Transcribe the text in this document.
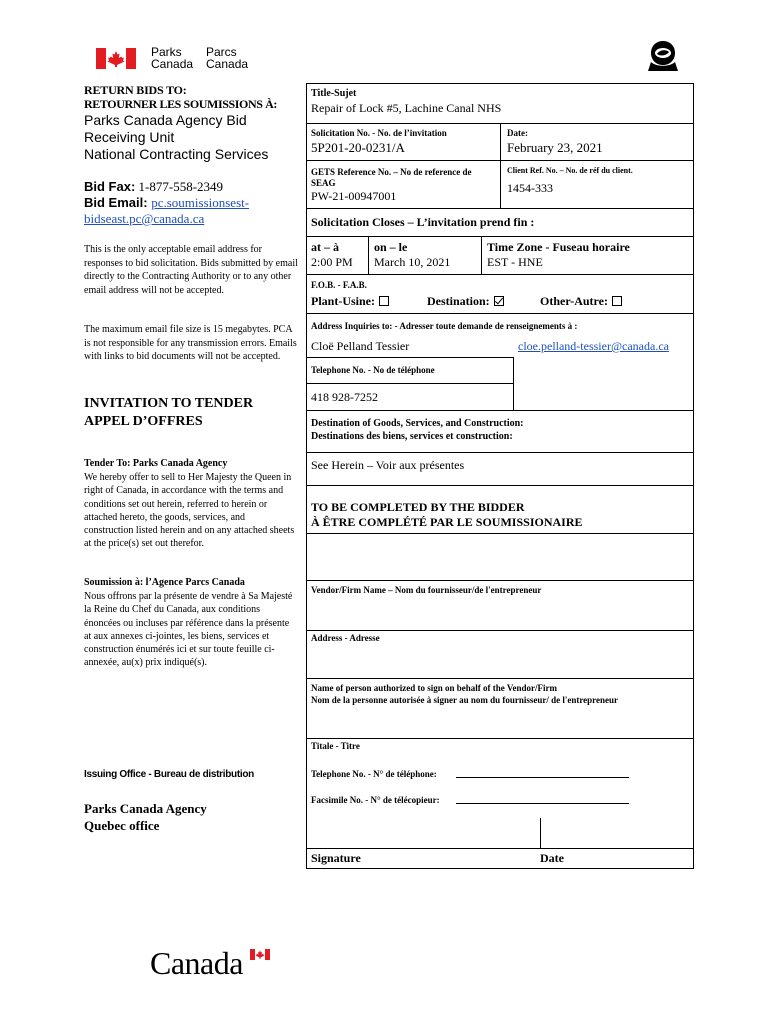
Parks
Canada
Parcs
Canada
RETURN BIDS TO:
RETOURNER LES SOUMISSIONS À:
Parks Canada Agency Bid
Receiving Unit
National Contracting Services
Bid Fax: 1-877-558-2349
Bid Email: pc.soumissionsest-
bidseast.pc@canada.ca
This is the only acceptable email address for responses to bid solicitation. Bids submitted by email directly to the Contracting Authority or to any other email address will not be accepted.
The maximum email file size is 15 megabytes. PCA is not responsible for any transmission errors. Emails with links to bid documents will not be accepted.
INVITATION TO TENDER
APPEL D’OFFRES
Tender To: Parks Canada Agency
We hereby offer to sell to Her Majesty the Queen in right of Canada, in accordance with the terms and conditions set out herein, referred to herein or attached hereto, the goods, services, and construction listed herein and on any attached sheets at the price(s) set out therefor.
Soumission à: l’Agence Parcs Canada
Nous offrons par la présente de vendre à Sa Majesté la Reine du Chef du Canada, aux conditions énoncées ou incluses par référence dans la présente at aux annexes ci-jointes, les biens, services et construction énumérés ici et sur toute feuille ci-annexée, au(x) prix indiqué(s).
Issuing Office - Bureau de distribution
Parks Canada Agency
Quebec office
Title-Sujet
Repair of Lock #5, Lachine Canal NHS
Solicitation No. - No. de l’invitation
5P201-20-0231/A
Date:
February 23, 2021
GETS Reference No. – No de reference de
SEAG
PW-21-00947001
Client Ref. No. – No. de réf du client.
1454-333
Solicitation Closes – L’invitation prend fin :
at – à
2:00 PM
on – le
March 10, 2021
Time Zone - Fuseau horaire
EST - HNE
F.O.B. - F.A.B.
Plant-Usine:	Destination:	Other-Autre:
Address Inquiries to: - Adresser toute demande de renseignements à :
Cloë Pelland Tessier	cloe.pelland-tessier@canada.ca
Telephone No. - No de téléphone
418 928-7252
Destination of Goods, Services, and Construction:
Destinations des biens, services et construction:
See Herein – Voir aux présentes
TO BE COMPLETED BY THE BIDDER
À ÊTRE COMPLÉTÉ PAR LE SOUMISSIONAIRE
Vendor/Firm Name – Nom du fournisseur/de l'entrepreneur
Address - Adresse
Name of person authorized to sign on behalf of the Vendor/Firm
Nom de la personne autorisée à signer au nom du fournisseur/ de l'entrepreneur
Titale - Titre
Telephone No. - N° de téléphone:
Facsimile No. - N° de télécopieur:
Signature	Date
Canada
